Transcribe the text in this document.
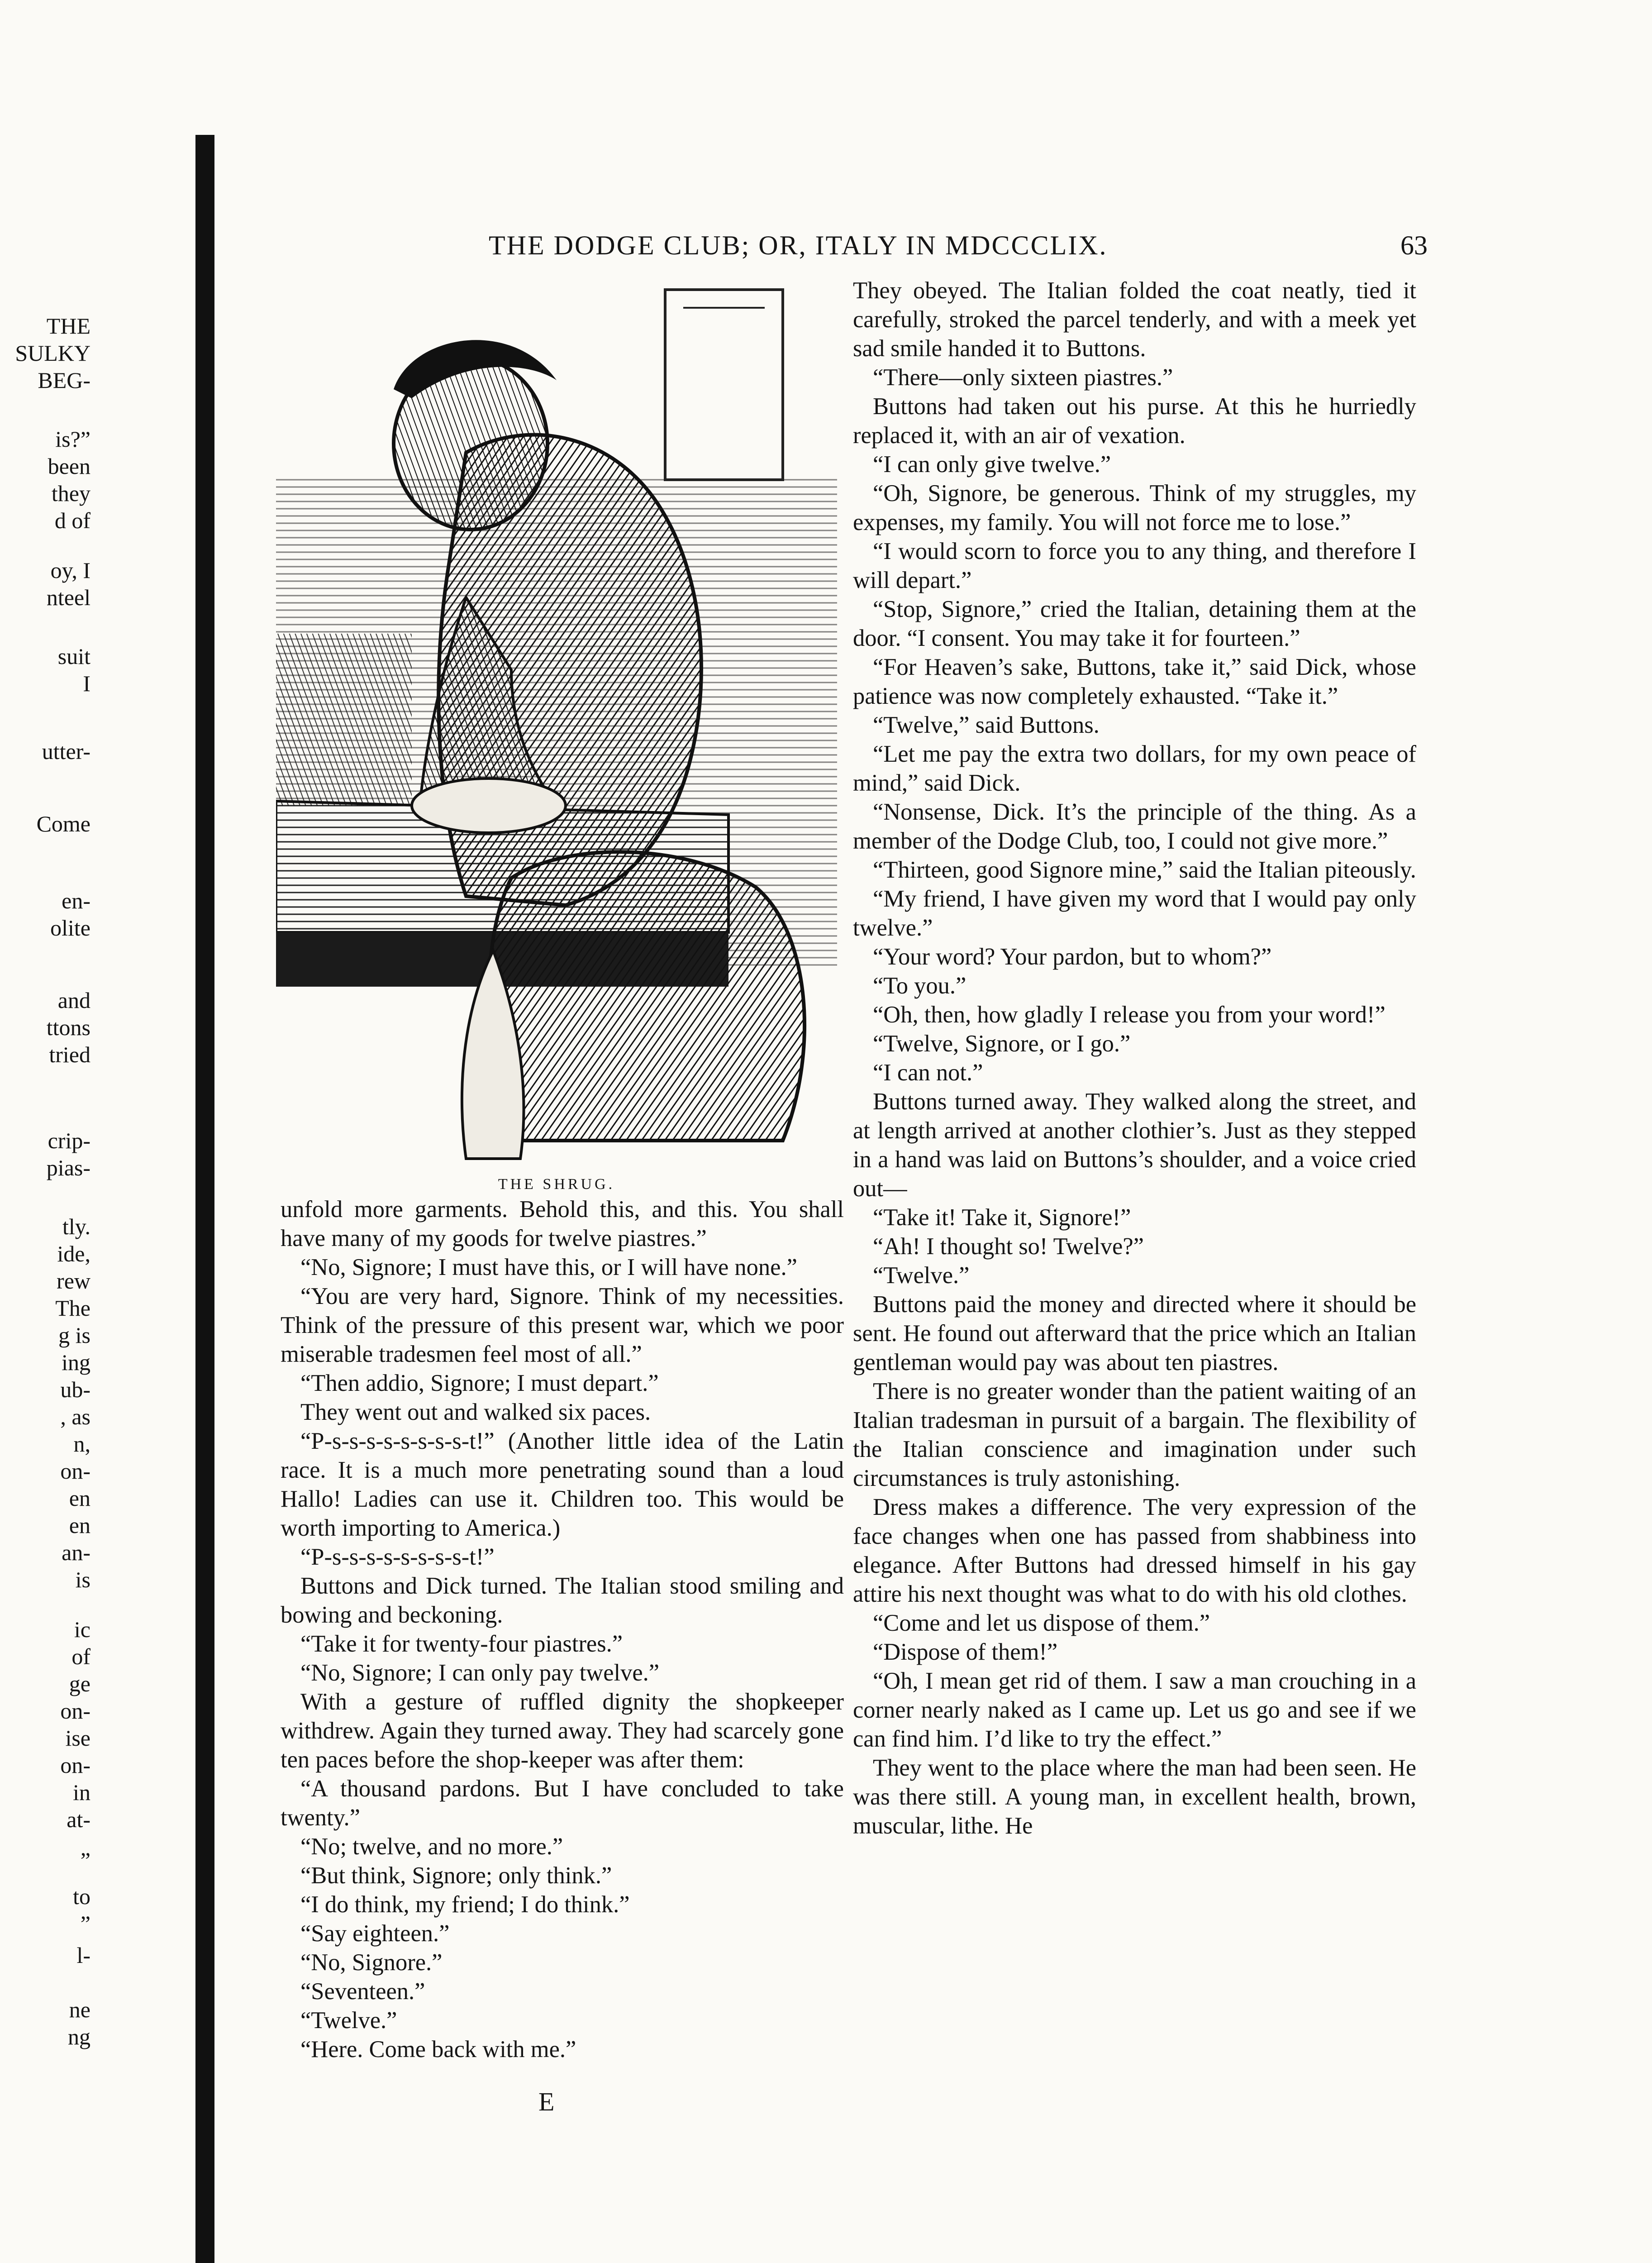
THE DODGE CLUB; OR, ITALY IN MDCCCLIX.	63
THE
SULKY
BEG-
is?”
been
they
d of
oy, I
nteel
suit
I
utter-
Come
en-
olite
and
ttons
tried
crip-
pias-
tly.
ide,
rew
The
g is
ing
ub-
, as
n,
on-
en
en
an-
is
ic
of
ge
on-
ise
on-
in
at-
”
to
”
l-
ne
ng
THE SHRUG.

unfold more garments. Behold this, and this. You shall have many of my goods for twelve piastres.”

“No, Signore; I must have this, or I will have none.”

“You are very hard, Signore. Think of my necessities. Think of the pressure of this present war, which we poor miserable tradesmen feel most of all.”

“Then addio, Signore; I must depart.”

They went out and walked six paces.

“P-s-s-s-s-s-s-s-s-t!” (Another little idea of the Latin race. It is a much more penetrating sound than a loud Hallo! Ladies can use it. Children too. This would be worth importing to America.)

“P-s-s-s-s-s-s-s-s-t!”

Buttons and Dick turned. The Italian stood smiling and bowing and beckoning.

“Take it for twenty-four piastres.”

“No, Signore; I can only pay twelve.”

With a gesture of ruffled dignity the shopkeeper withdrew. Again they turned away. They had scarcely gone ten paces before the shop-keeper was after them:

“A thousand pardons. But I have concluded to take twenty.”

“No; twelve, and no more.”

“But think, Signore; only think.”

“I do think, my friend; I do think.”

“Say eighteen.”

“No, Signore.”

“Seventeen.”

“Twelve.”

“Here. Come back with me.”

E

They obeyed. The Italian folded the coat neatly, tied it carefully, stroked the parcel tenderly, and with a meek yet sad smile handed it to Buttons.

“There—only sixteen piastres.”

Buttons had taken out his purse. At this he hurriedly replaced it, with an air of vexation.

“I can only give twelve.”

“Oh, Signore, be generous. Think of my struggles, my expenses, my family. You will not force me to lose.”

“I would scorn to force you to any thing, and therefore I will depart.”

“Stop, Signore,” cried the Italian, detaining them at the door. “I consent. You may take it for fourteen.”

“For Heaven’s sake, Buttons, take it,” said Dick, whose patience was now completely exhausted. “Take it.”

“Twelve,” said Buttons.

“Let me pay the extra two dollars, for my own peace of mind,” said Dick.

“Nonsense, Dick. It’s the principle of the thing. As a member of the Dodge Club, too, I could not give more.”

“Thirteen, good Signore mine,” said the Italian piteously.

“My friend, I have given my word that I would pay only twelve.”

“Your word? Your pardon, but to whom?”

“To you.”

“Oh, then, how gladly I release you from your word!”

“Twelve, Signore, or I go.”

“I can not.”

Buttons turned away. They walked along the street, and at length arrived at another clothier’s. Just as they stepped in a hand was laid on Buttons’s shoulder, and a voice cried out—

“Take it! Take it, Signore!”

“Ah! I thought so! Twelve?”

“Twelve.”

Buttons paid the money and directed where it should be sent. He found out afterward that the price which an Italian gentleman would pay was about ten piastres.

There is no greater wonder than the patient waiting of an Italian tradesman in pursuit of a bargain. The flexibility of the Italian conscience and imagination under such circumstances is truly astonishing.

Dress makes a difference. The very expression of the face changes when one has passed from shabbiness into elegance. After Buttons had dressed himself in his gay attire his next thought was what to do with his old clothes.

“Come and let us dispose of them.”

“Dispose of them!”

“Oh, I mean get rid of them. I saw a man crouching in a corner nearly naked as I came up. Let us go and see if we can find him. I’d like to try the effect.”

They went to the place where the man had been seen. He was there still. A young man, in excellent health, brown, muscular, lithe. He
